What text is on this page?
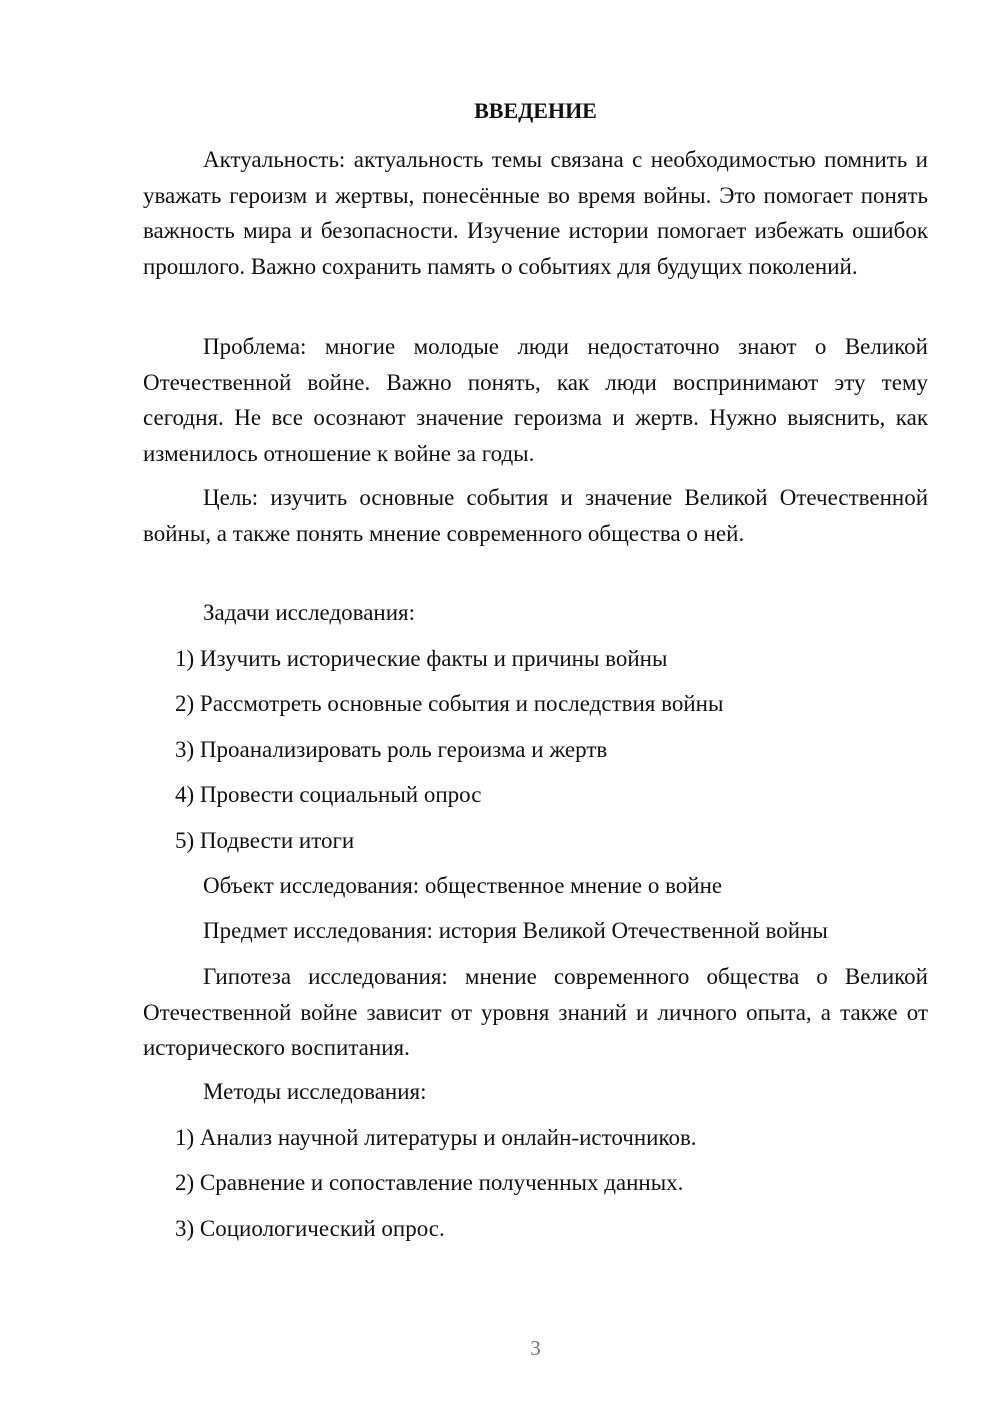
ВВЕДЕНИЕ

Актуальность: актуальность темы связана с необходимостью помнить и уважать героизм и жертвы, понесённые во время войны. Это помогает понять важность мира и безопасности. Изучение истории помогает избежать ошибок прошлого. Важно сохранить память о событиях для будущих поколений.

Проблема: многие молодые люди недостаточно знают о Великой Отечественной войне. Важно понять, как люди воспринимают эту тему сегодня. Не все осознают значение героизма и жертв. Нужно выяснить, как изменилось отношение к войне за годы.

Цель: изучить основные события и значение Великой Отечественной войны, а также понять мнение современного общества о ней.

Задачи исследования:

1) Изучить исторические факты и причины войны

2) Рассмотреть основные события и последствия войны

3) Проанализировать роль героизма и жертв

4) Провести социальный опрос

5) Подвести итоги

Объект исследования: общественное мнение о войне

Предмет исследования: история Великой Отечественной войны

Гипотеза исследования: мнение современного общества о Великой Отечественной войне зависит от уровня знаний и личного опыта, а также от исторического воспитания.

Методы исследования:

1) Анализ научной литературы и онлайн-источников.

2) Сравнение и сопоставление полученных данных.

3) Социологический опрос.

3
